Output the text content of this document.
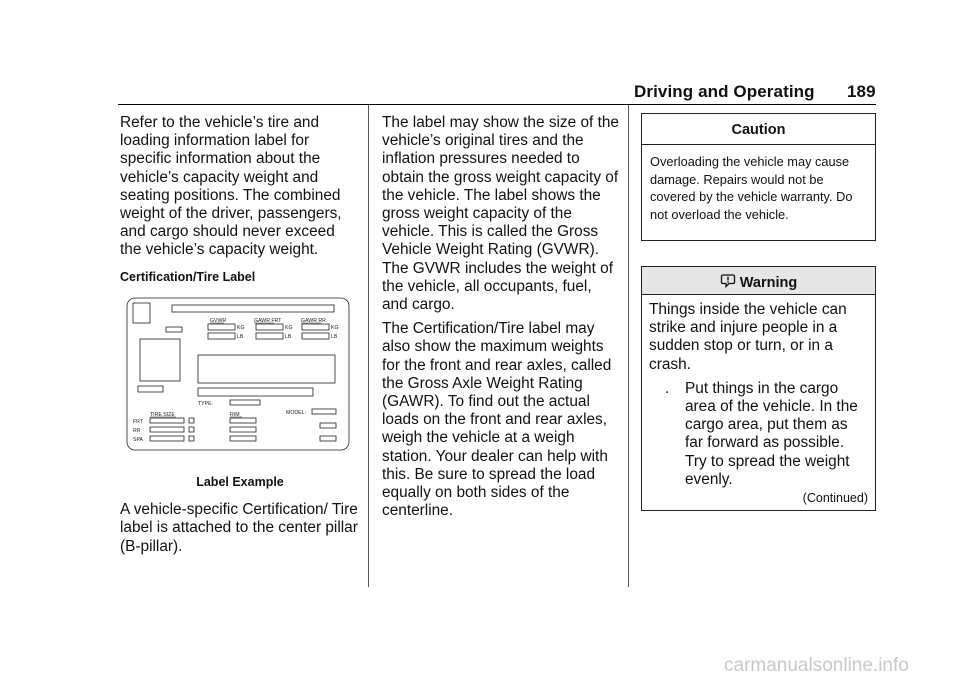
Driving and Operating 189

Refer to the vehicle’s tire and loading information label for specific information about the vehicle’s capacity weight and seating positions. The combined weight of the driver, passengers, and cargo should never exceed the vehicle’s capacity weight.

Certification/Tire Label
GVWR	GAWR FRT	GAWR RR
KG
LB
KG
LB
KG
LB
TYPE:
MODEL:
TIRE SIZE	RIM
FRT
RR
SPA
Label Example

A vehicle-specific Certification/ Tire label is attached to the center pillar (B-pillar).

The label may show the size of the vehicle’s original tires and the inflation pressures needed to obtain the gross weight capacity of the vehicle. The label shows the gross weight capacity of the vehicle. This is called the Gross Vehicle Weight Rating (GVWR). The GVWR includes the weight of the vehicle, all occupants, fuel, and cargo.

The Certification/Tire label may also show the maximum weights for the front and rear axles, called the Gross Axle Weight Rating (GAWR). To find out the actual loads on the front and rear axles, weigh the vehicle at a weigh station. Your dealer can help with this. Be sure to spread the load equally on both sides of the centerline.

Caution
Overloading the vehicle may cause damage. Repairs would not be covered by the vehicle warranty. Do not overload the vehicle.
Warning
Things inside the vehicle can strike and injure people in a sudden stop or turn, or in a crash.
. Put things in the cargo area of the vehicle. In the cargo area, put them as far forward as possible. Try to spread the weight evenly.
(Continued)
carmanualsonline.info
